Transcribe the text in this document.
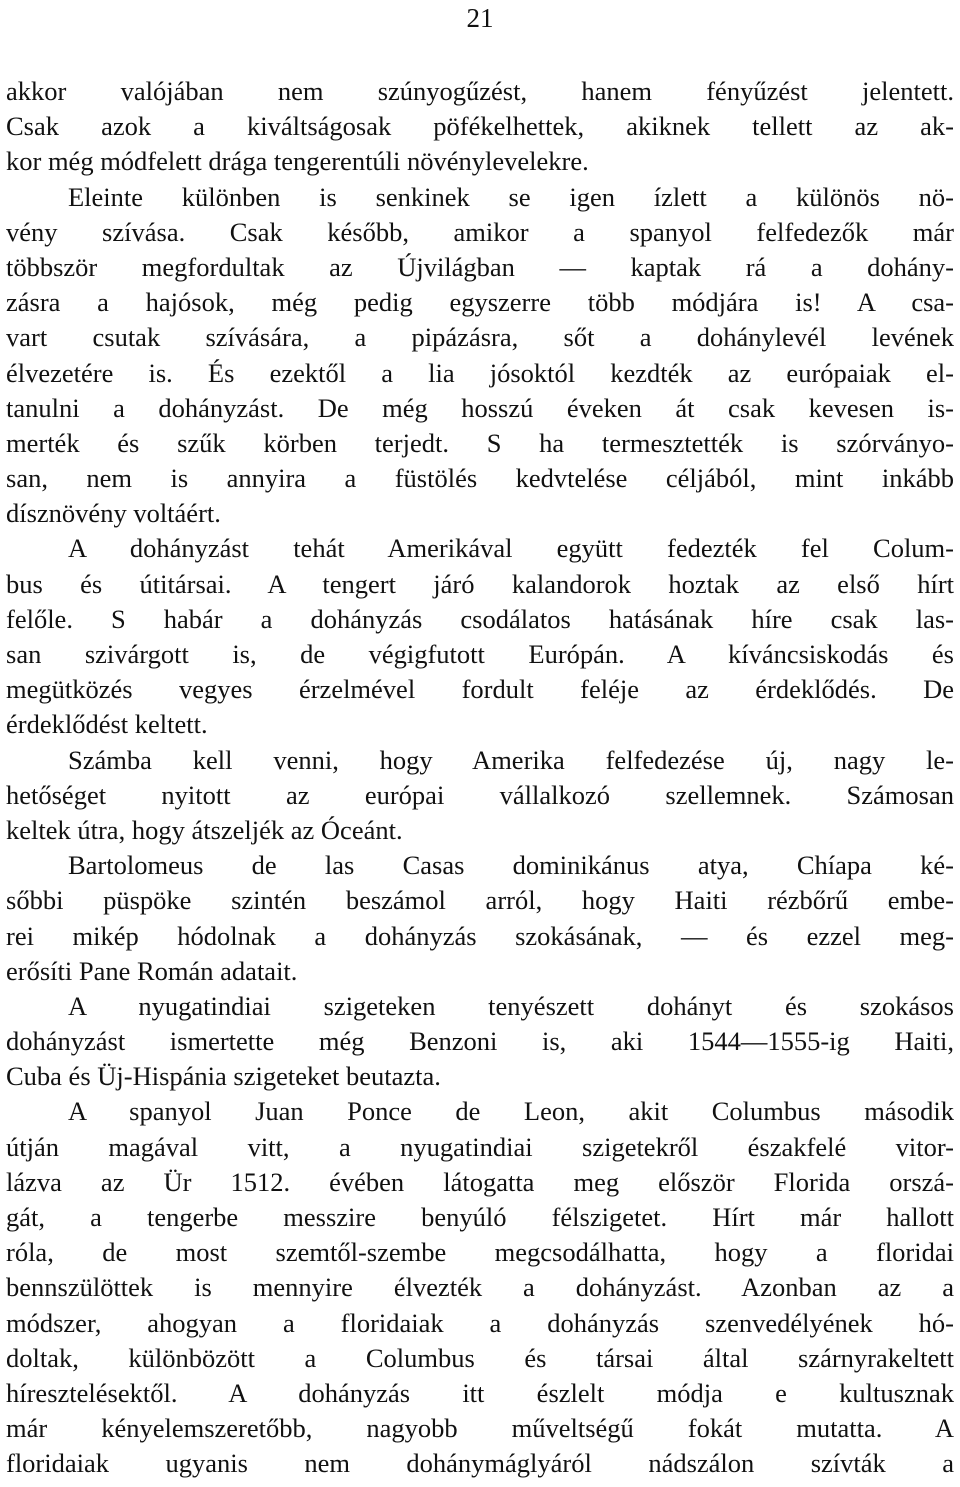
21
akkor valójában nem szúnyogűzést, hanem fényűzést jelentett.
Csak azok a kiváltságosak pöfékelhettek, akiknek tellett az ak-
kor még módfelett drága tengerentúli növénylevelekre.
Eleinte különben is senkinek se igen ízlett a különös nö-
vény szívása. Csak később, amikor a spanyol felfedezők már
többször megfordultak az Újvilágban — kaptak rá a dohány-
zásra a hajósok, még pedig egyszerre több módjára is! A csa-
vart csutak szívására, a pipázásra, sőt a dohánylevél levének
élvezetére is. És ezektől a lia jósoktól kezdték az európaiak el-
tanulni a dohányzást. De még hosszú éveken át csak kevesen is-
merték és szűk körben terjedt. S ha termesztették is szórványo-
san, nem is annyira a füstölés kedvtelése céljából, mint inkább
dísznövény voltáért.
A dohányzást tehát Amerikával együtt fedezték fel Colum-
bus és útitársai. A tengert járó kalandorok hoztak az első hírt
felőle. S habár a dohányzás csodálatos hatásának híre csak las-
san szivárgott is, de végigfutott Európán. A kíváncsiskodás és
megütközés vegyes érzelmével fordult feléje az érdeklődés. De
érdeklődést keltett.
Számba kell venni, hogy Amerika felfedezése új, nagy le-
hetőséget nyitott az európai vállalkozó szellemnek. Számosan
keltek útra, hogy átszeljék az Óceánt.
Bartolomeus de las Casas dominikánus atya, Chíapa ké-
sőbbi püspöke szintén beszámol arról, hogy Haiti rézbőrű embe-
rei mikép hódolnak a dohányzás szokásának, — és ezzel meg-
erősíti Pane Román adatait.
A nyugatindiai szigeteken tenyészett dohányt és szokásos
dohányzást ismertette még Benzoni is, aki 1544—1555-ig Haiti,
Cuba és Üj-Hispánia szigeteket beutazta.
A spanyol Juan Ponce de Leon, akit Columbus második
útján magával vitt, a nyugatindiai szigetekről északfelé vitor-
lázva az Ür 1512. évében látogatta meg először Florida orszá-
gát, a tengerbe messzire benyúló félszigetet. Hírt már hallott
róla, de most szemtől-szembe megcsodálhatta, hogy a floridai
bennszülöttek is mennyire élvezték a dohányzást. Azonban az a
módszer, ahogyan a floridaiak a dohányzás szenvedélyének hó-
doltak, különbözött a Columbus és társai által szárnyrakeltett
híresztelésektől. A dohányzás itt észlelt módja e kultusznak
már kényelemszeretőbb, nagyobb műveltségű fokát mutatta. A
floridaiak ugyanis nem dohánymáglyáról nádszálon szívták a
